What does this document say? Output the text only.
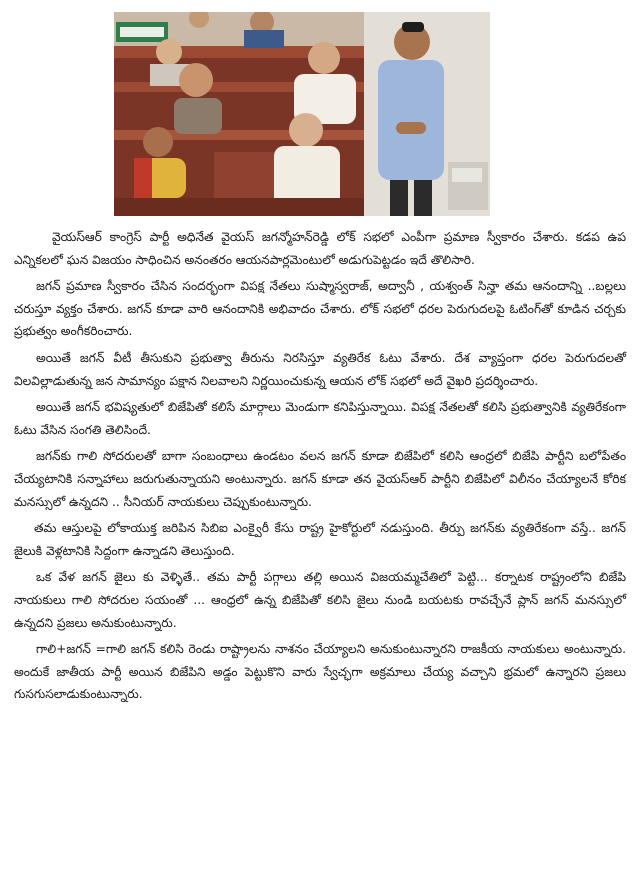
వైయస్ఆర్ కాంగ్రెస్ పార్టీ అధినేత వైయస్ జగన్మోహన్‌రెడ్డి లోక్ సభలో ఎంపీగా ప్రమాణ స్వీకారం చేశారు. కడప ఉప ఎన్నికలలో ఘన విజయం సాధించిన అనంతరం ఆయనపార్లమెంటులో అడుగుపెట్టడం ఇదే తొలిసారి.

జగన్ ప్రమాణ స్వీకారం చేసిన సందర్భంగా విపక్ష నేతలు సుష్మాస్వరాజ్, అద్వానీ , యశ్వంత్ సిన్హా తమ ఆనందాన్ని ..బల్లలు చరుస్తూ వ్యక్తం చేశారు. జగన్ కూడా వారి ఆనందానికి అభివాదం చేశారు. లోక్ సభలో ధరల పెరుగుదలపై ఓటింగ్‌తో కూడిన చర్చకు ప్రభుత్వం అంగీకరించారు.

అయితే జగన్ వీటీ తీసుకుని ప్రభుత్వా తీరును నిరసిస్తూ వ్యతిరేక ఓటు వేశారు. దేశ వ్యాప్తంగా ధరల పెరుగుదలతో విలవిల్లాడుతున్న జన సామాన్యం పక్షాన నిలవాలని నిర్ణయించుకున్న ఆయన లోక్ సభలో అదే వైఖరి ప్రదర్శించారు.

అయితే జగన్ భవిష్యతులో బిజేపితో కలిసే మార్గాలు మెండుగా కనిపిస్తున్నాయి. విపక్ష నేతలతో కలిసి ప్రభుత్వానికి వ్యతిరేకంగా ఓటు వేసిన సంగతి తెలిసిందే.

జగన్‌కు గాలి సోదరులతో బాగా సంబంధాలు ఉండటం వలన జగన్ కూడా బిజేపిలో కలిసి ఆంధ్రలో బిజేపి పార్టీని బలోపేతం చేయ్యటానికి సన్నాహాలు జరుగుతున్నాయని అంటున్నారు. జగన్ కూడా తన వైయస్ఆర్ పార్టీని బిజేపిలో విలీనం చేయ్యాలనే కోరిక మనస్సులో ఉన్నదని .. సీనియర్ నాయకులు చెప్పుకుంటున్నారు.

తమ ఆస్తులపై లోకాయుక్త జరిపిన సిబిఐ ఎంక్వైరీ కేసు రాష్ట్ర హైకోర్టులో నడుస్తుంది. తీర్పు జగన్‌కు వ్యతిరేకంగా వస్తే.. జగన్ జైలుకి వెళ్లటానికి సిద్దంగా ఉన్నాడని తెలుస్తుంది.

ఒక వేళ జగన్ జైలు కు వెళ్ళితే.. తమ పార్టీ పగ్గాలు తల్లి అయిన విజయమ్మచేతిలో పెట్టి... కర్నాటక రాష్ట్రంలోని బిజేపి నాయకులు గాలి సోదరుల సయంతో ... ఆంధ్రలో ఉన్న బిజేపితో కలిసి జైలు నుండి బయటకు రావచ్చేనే ప్లాన్ జగన్ మనస్సులో ఉన్నదని ప్రజలు అనుకుంటున్నారు.

గాలి+జగన్ =గాలి జగన్ కలిసి రెండు రాష్ట్రాలను నాశనం చేయ్యాలని అనుకుంటున్నారని రాజకీయ నాయకులు అంటున్నారు. అందుకే జాతీయ పార్టీ అయిన బిజేపిని అడ్డం పెట్టుకొని వారు స్వేచ్ఛగా అక్రమాలు చేయ్య వచ్చాని భ్రమలో ఉన్నారని ప్రజలు గుసగుసలాడుకుంటున్నారు.
